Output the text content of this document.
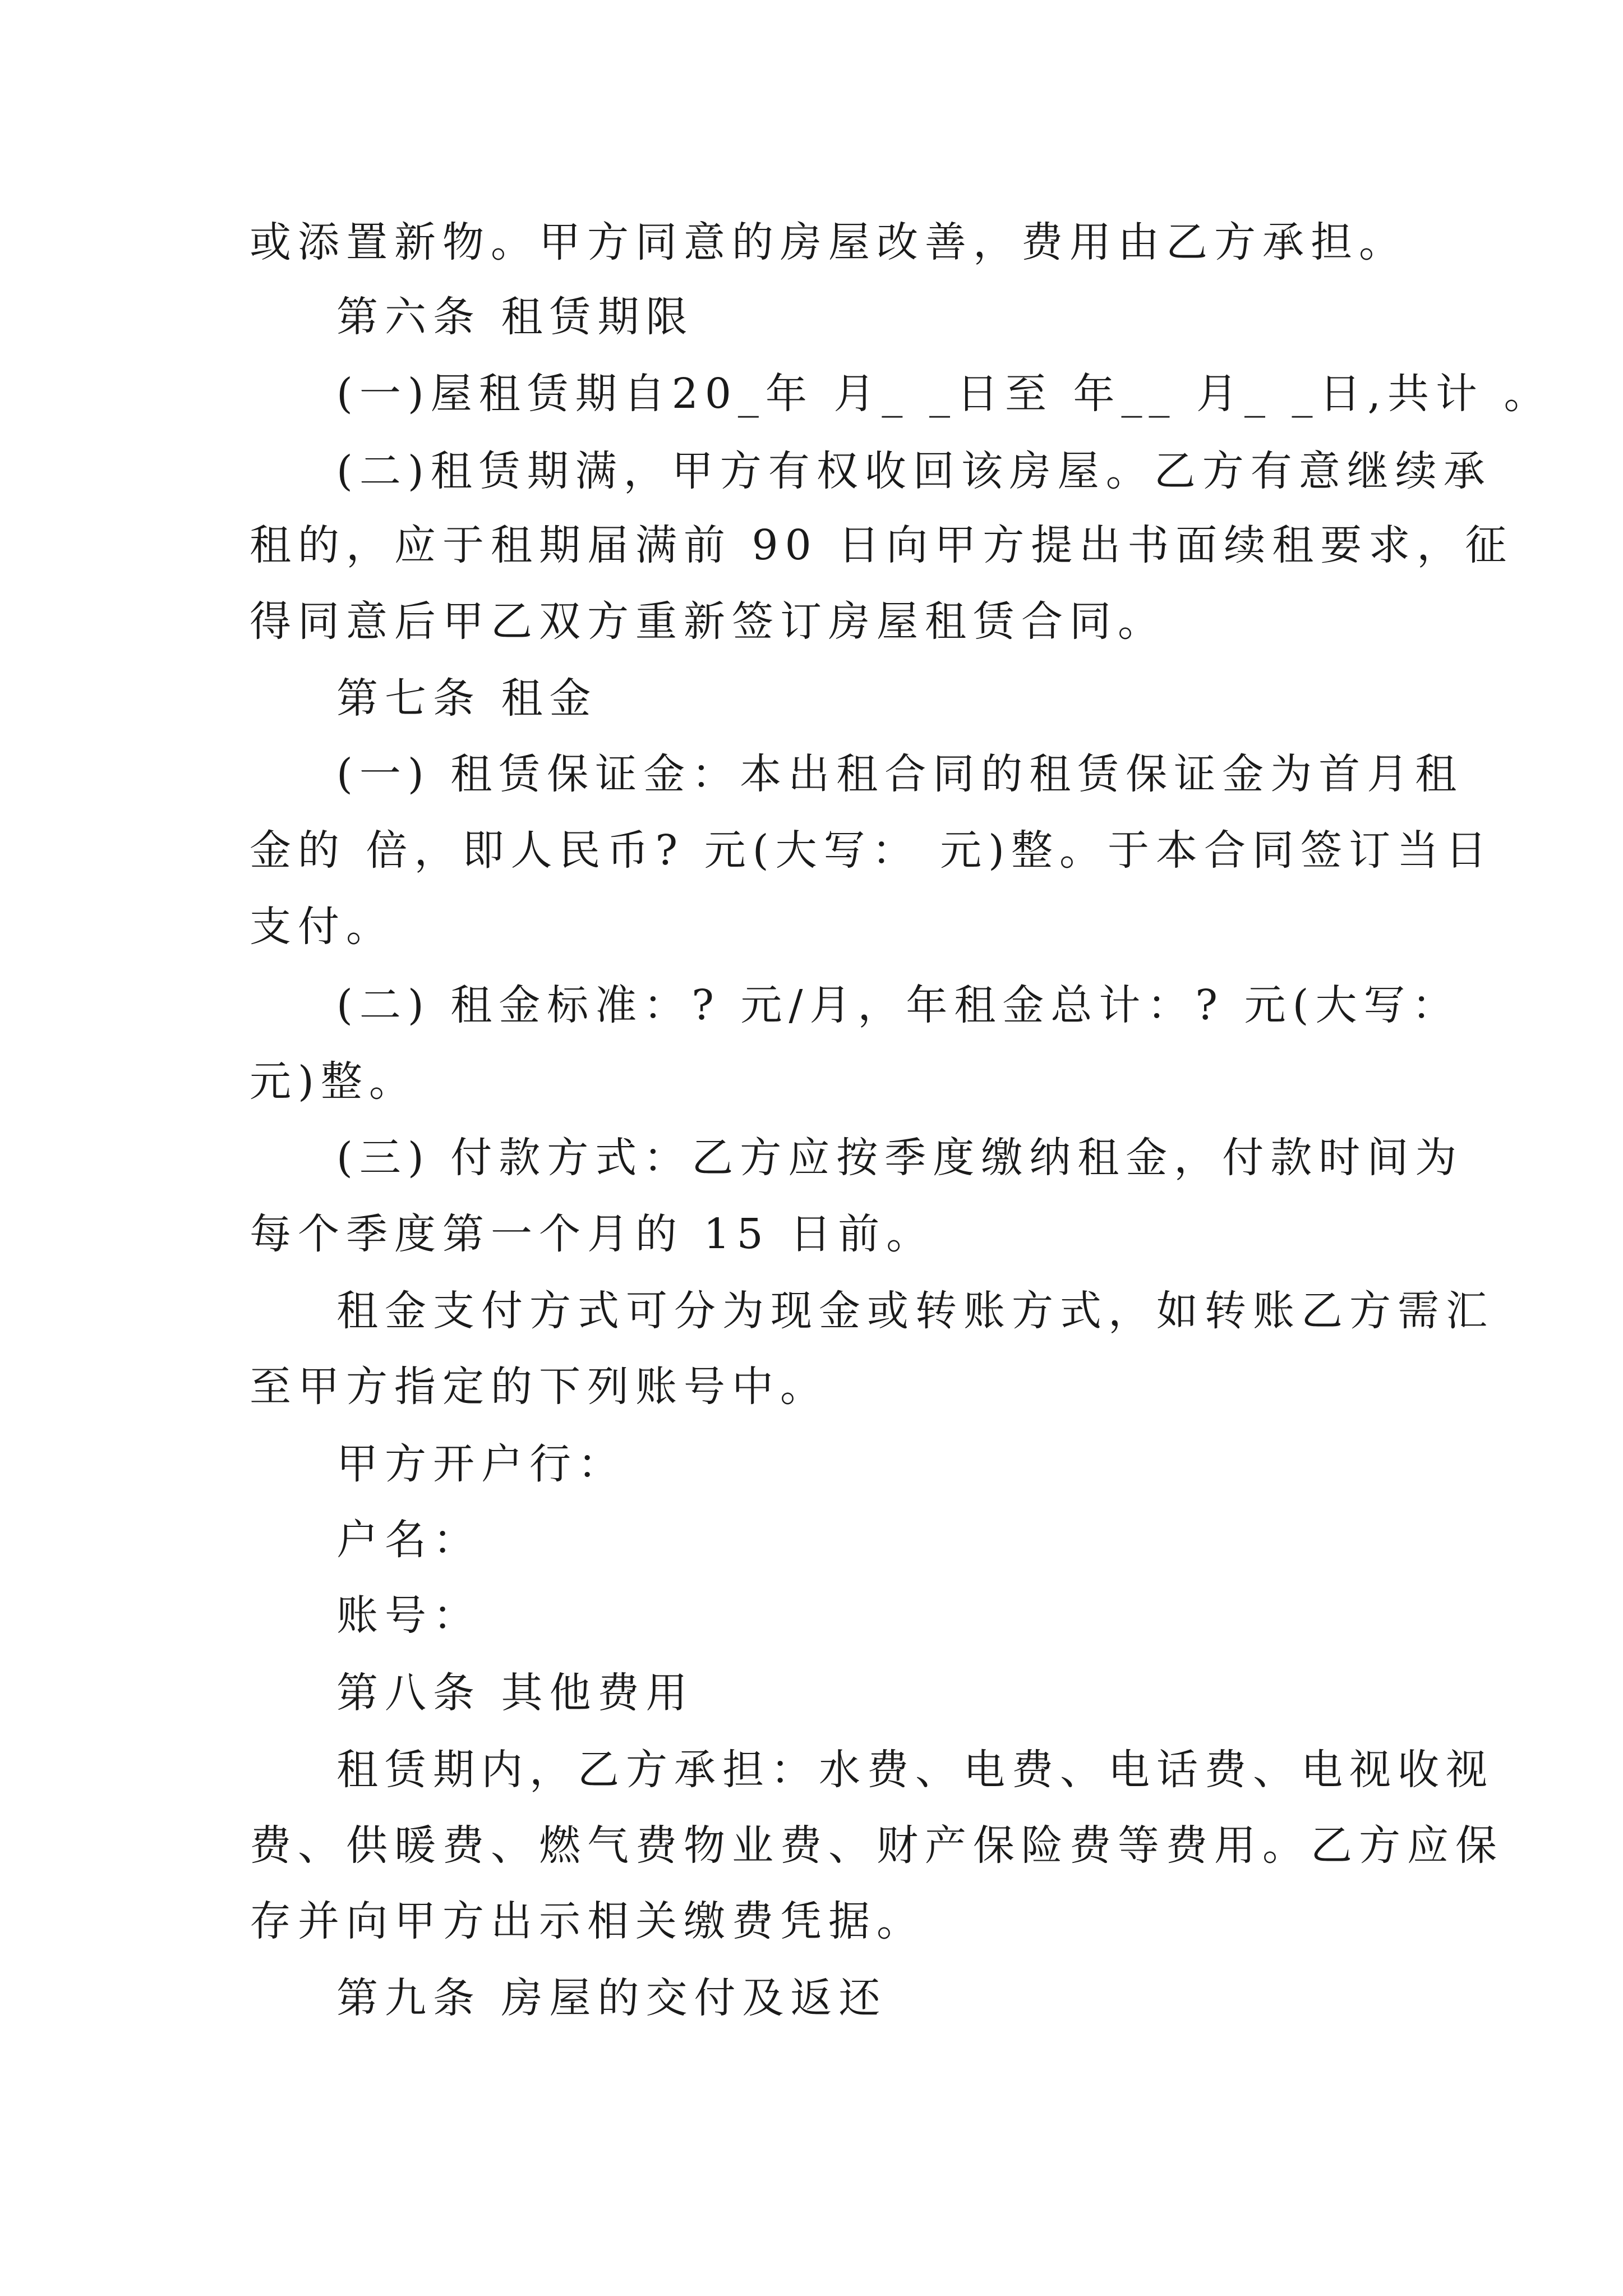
或添置新物。甲方同意的房屋改善，费用由乙方承担。
第六条 租赁期限
(一)屋租赁期自20_年 月_ _日至 年__ 月_ _日,共计 。
(二)租赁期满，甲方有权收回该房屋。乙方有意继续承
租的，应于租期届满前 90 日向甲方提出书面续租要求，征
得同意后甲乙双方重新签订房屋租赁合同。
第七条 租金
(一) 租赁保证金：本出租合同的租赁保证金为首月租
金的 倍，即人民币? 元(大写： 元)整。于本合同签订当日
支付。
(二) 租金标准：? 元/月，年租金总计：? 元(大写：
元)整。
(三) 付款方式：乙方应按季度缴纳租金，付款时间为
每个季度第一个月的 15 日前。
租金支付方式可分为现金或转账方式，如转账乙方需汇
至甲方指定的下列账号中。
甲方开户行：
户名：
账号：
第八条 其他费用
租赁期内，乙方承担：水费、电费、电话费、电视收视
费、供暖费、燃气费物业费、财产保险费等费用。乙方应保
存并向甲方出示相关缴费凭据。
第九条 房屋的交付及返还
